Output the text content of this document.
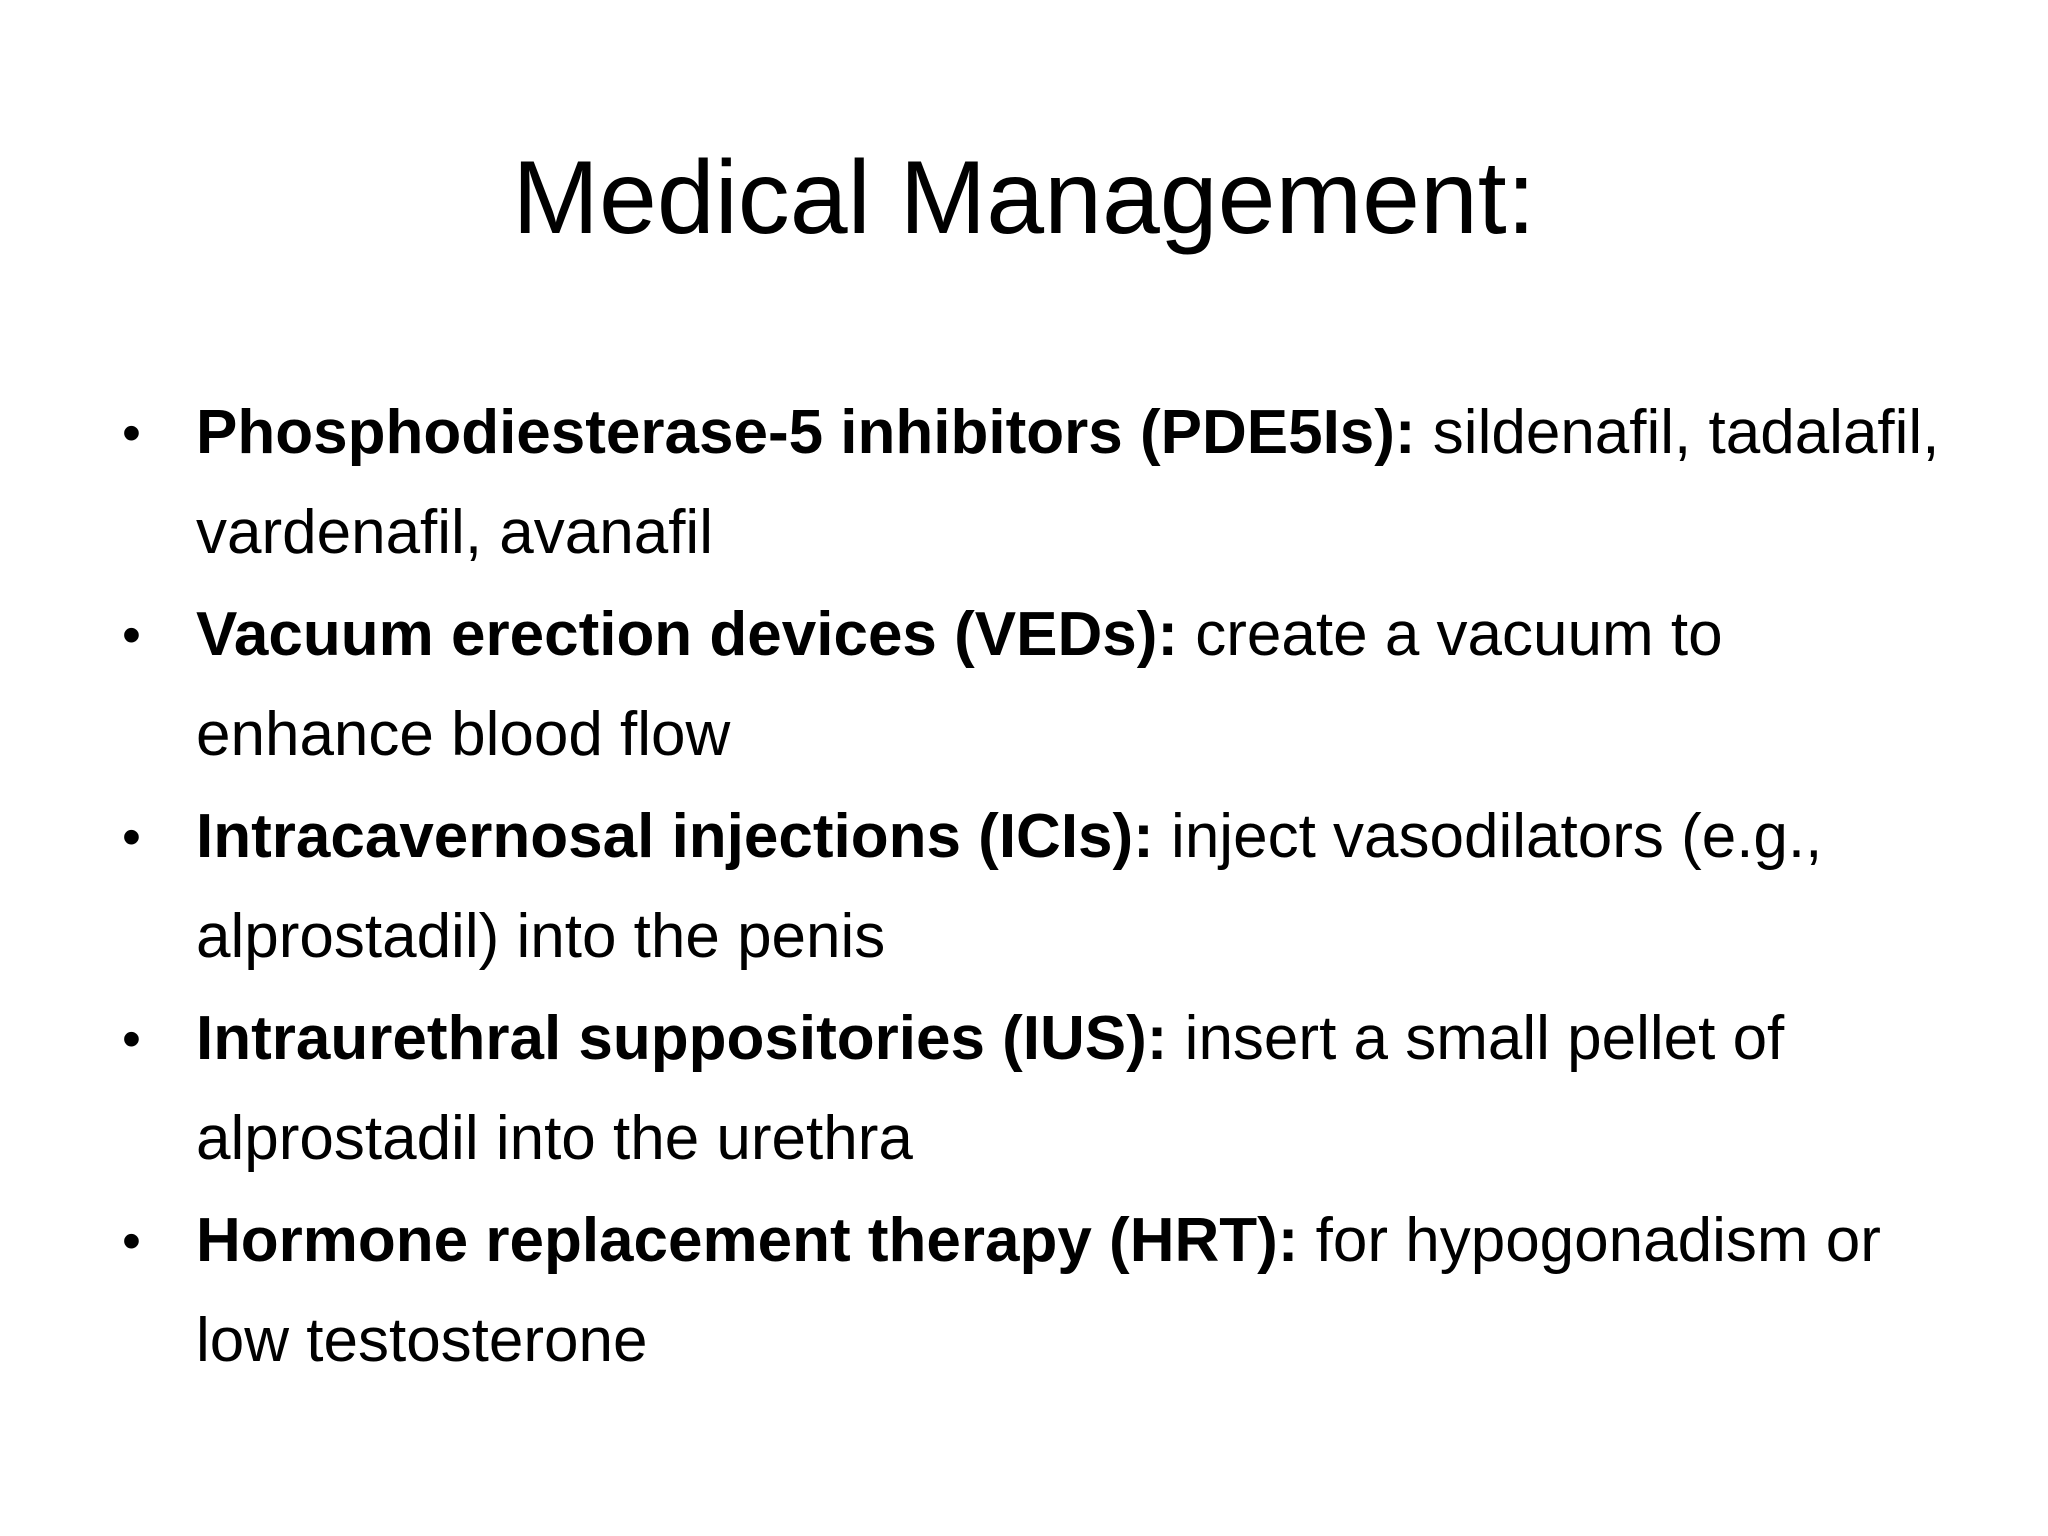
Medical Management:
• Phosphodiesterase-5 inhibitors (PDE5Is): sildenafil, tadalafil, vardenafil, avanafil
• Vacuum erection devices (VEDs): create a vacuum to enhance blood flow
• Intracavernosal injections (ICIs): inject vasodilators (e.g., alprostadil) into the penis
• Intraurethral suppositories (IUS): insert a small pellet of alprostadil into the urethra
• Hormone replacement therapy (HRT): for hypogonadism or low testosterone
